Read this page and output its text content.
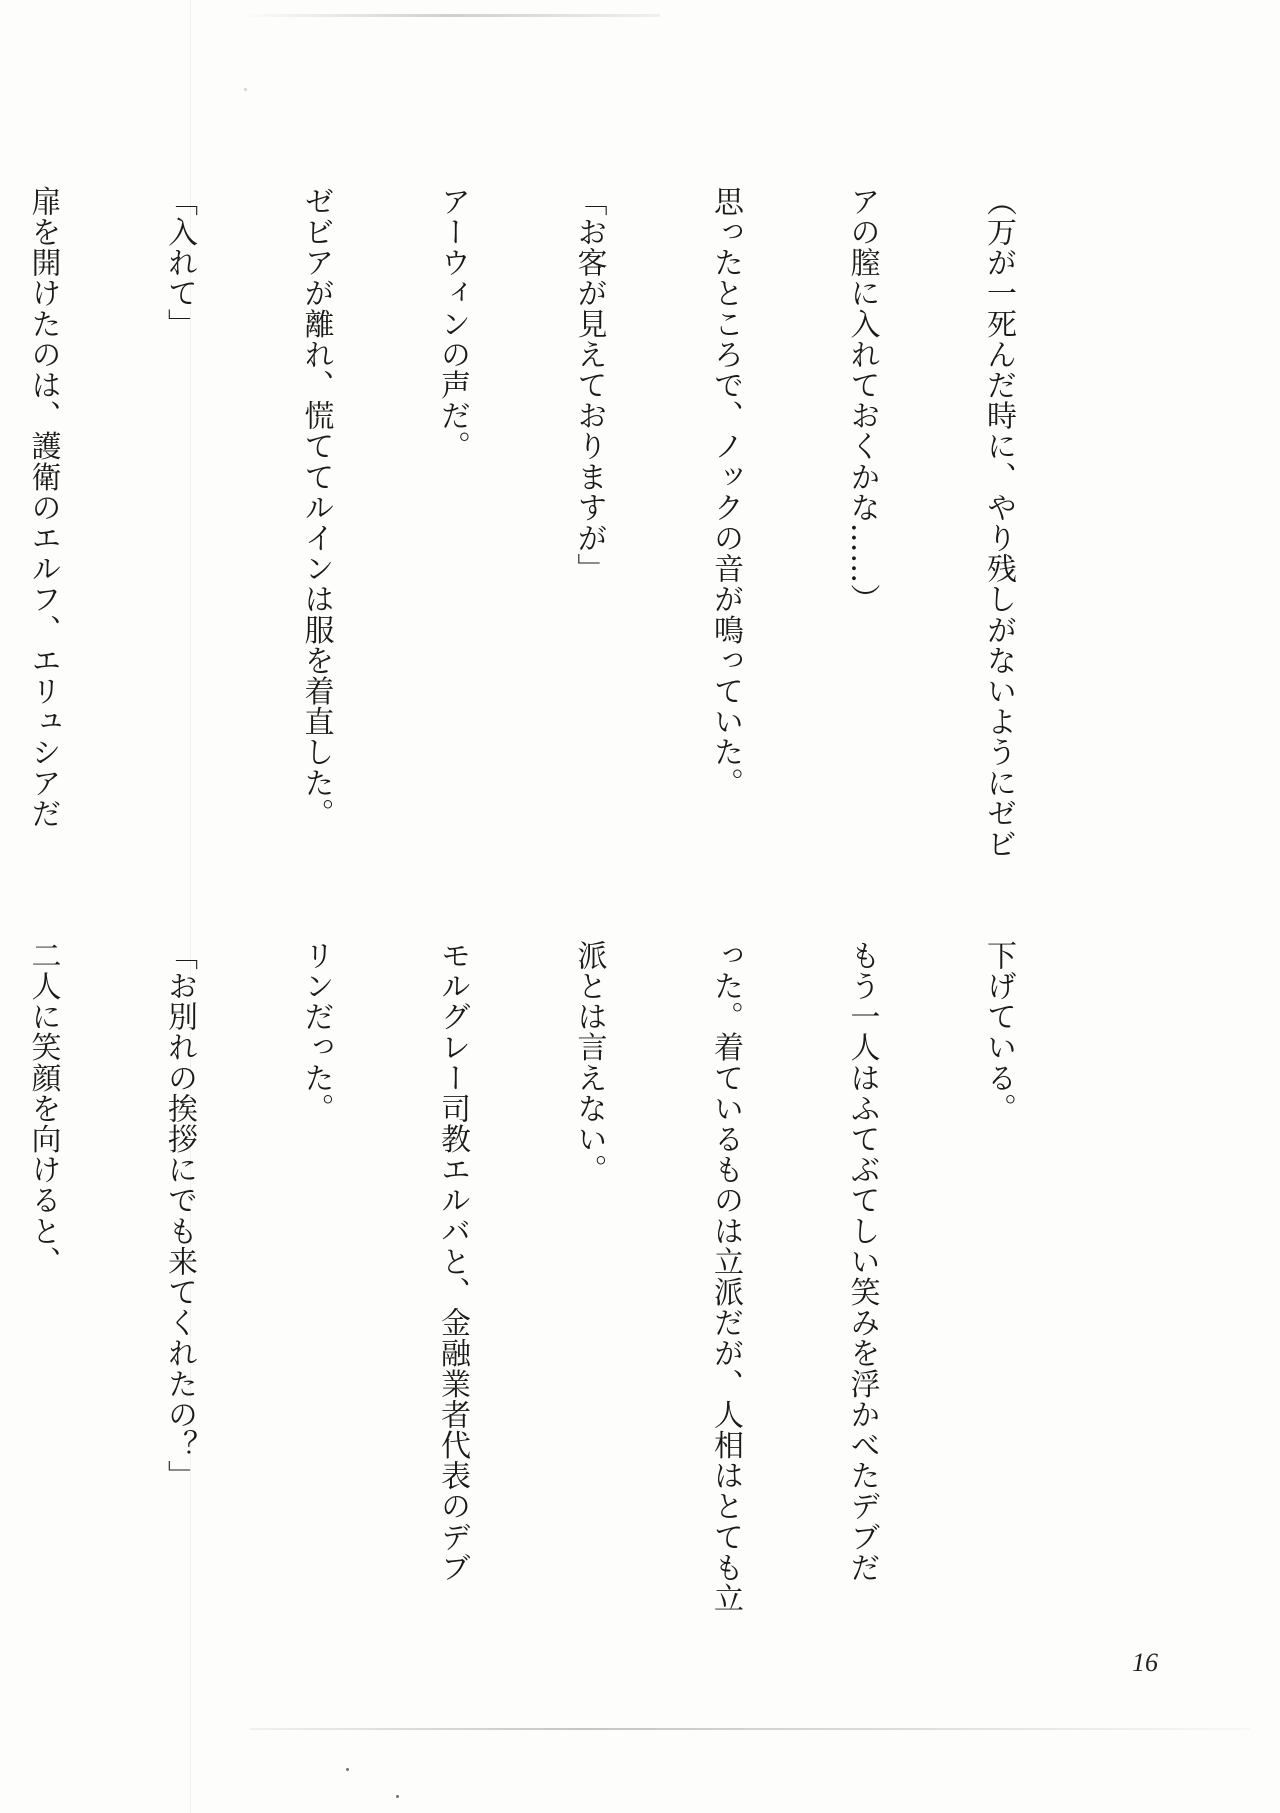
（万が一死んだ時に、やり残しがないようにゼビ

アの膣に入れておくかな……）

思ったところで、ノックの音が鳴っていた。

「お客が見えておりますが」

アーウィンの声だ。

ゼビアが離れ、慌ててルインは服を着直した。

「入れて」

扉を開けたのは、護衛のエルフ、エリュシアだ

下げている。

もう一人はふてぶてしい笑みを浮かべたデブだ

った。着ているものは立派だが、人相はとても立

派とは言えない。

モルグレー司教エルバと、金融業者代表のデブ

リンだった。

「お別れの挨拶にでも来てくれたの？」

二人に笑顔を向けると、

16
